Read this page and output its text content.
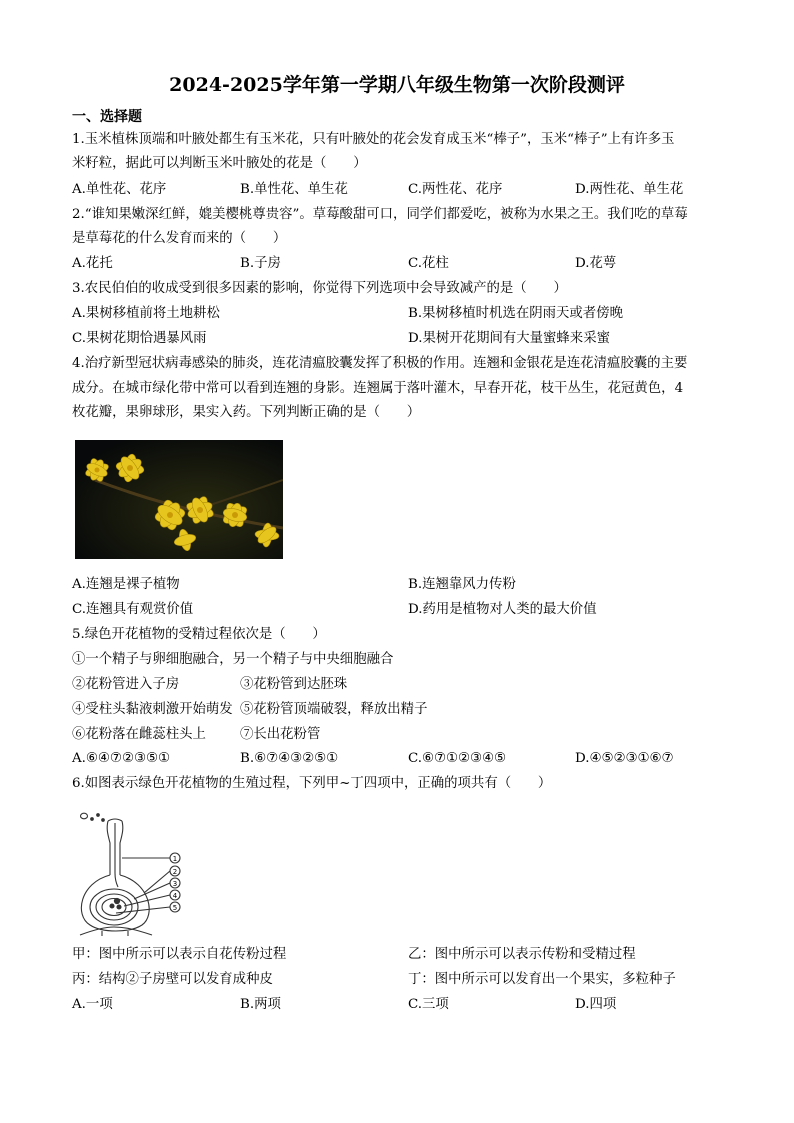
2024-2025学年第一学期八年级生物第一次阶段测评
一、选择题
1.玉米植株顶端和叶腋处都生有玉米花，只有叶腋处的花会发育成玉米“棒子”，玉米“棒子”上有许多玉
米籽粒，据此可以判断玉米叶腋处的花是（　　）
A.单性花、花序	B.单性花、单生花	C.两性花、花序	D.两性花、单生花
2.“谁知果嫩深红鲜，媲美樱桃尊贵容”。草莓酸甜可口，同学们都爱吃，被称为水果之王。我们吃的草莓
是草莓花的什么发育而来的（　　）
A.花托	B.子房	C.花柱	D.花萼
3.农民伯伯的收成受到很多因素的影响，你觉得下列选项中会导致减产的是（　　）
A.果树移植前将土地耕松	B.果树移植时机选在阴雨天或者傍晚
C.果树花期恰遇暴风雨	D.果树开花期间有大量蜜蜂来采蜜
4.治疗新型冠状病毒感染的肺炎，连花清瘟胶囊发挥了积极的作用。连翘和金银花是连花清瘟胶囊的主要
成分。在城市绿化带中常可以看到连翘的身影。连翘属于落叶灌木，早春开花，枝干丛生，花冠黄色，4
枚花瓣，果卵球形，果实入药。下列判断正确的是（　　）
A.连翘是裸子植物	B.连翘靠风力传粉
C.连翘具有观赏价值	D.药用是植物对人类的最大价值
5.绿色开花植物的受精过程依次是（　　）
①一个精子与卵细胞融合，另一个精子与中央细胞融合
②花粉管进入子房	③花粉管到达胚珠
④受柱头黏液刺激开始萌发 ⑤花粉管顶端破裂，释放出精子
⑥花粉落在雌蕊柱头上	⑦长出花粉管
A.⑥④⑦②③⑤①	B.⑥⑦④③②⑤①	C.⑥⑦①②③④⑤	D.④⑤②③①⑥⑦
6.如图表示绿色开花植物的生殖过程，下列甲~丁四项中，正确的项共有（　　）
1
2
3
4
5
甲：图中所示可以表示自花传粉过程	乙：图中所示可以表示传粉和受精过程
丙：结构②子房壁可以发育成种皮	丁：图中所示可以发育出一个果实，多粒种子
A.一项	B.两项	C.三项	D.四项
